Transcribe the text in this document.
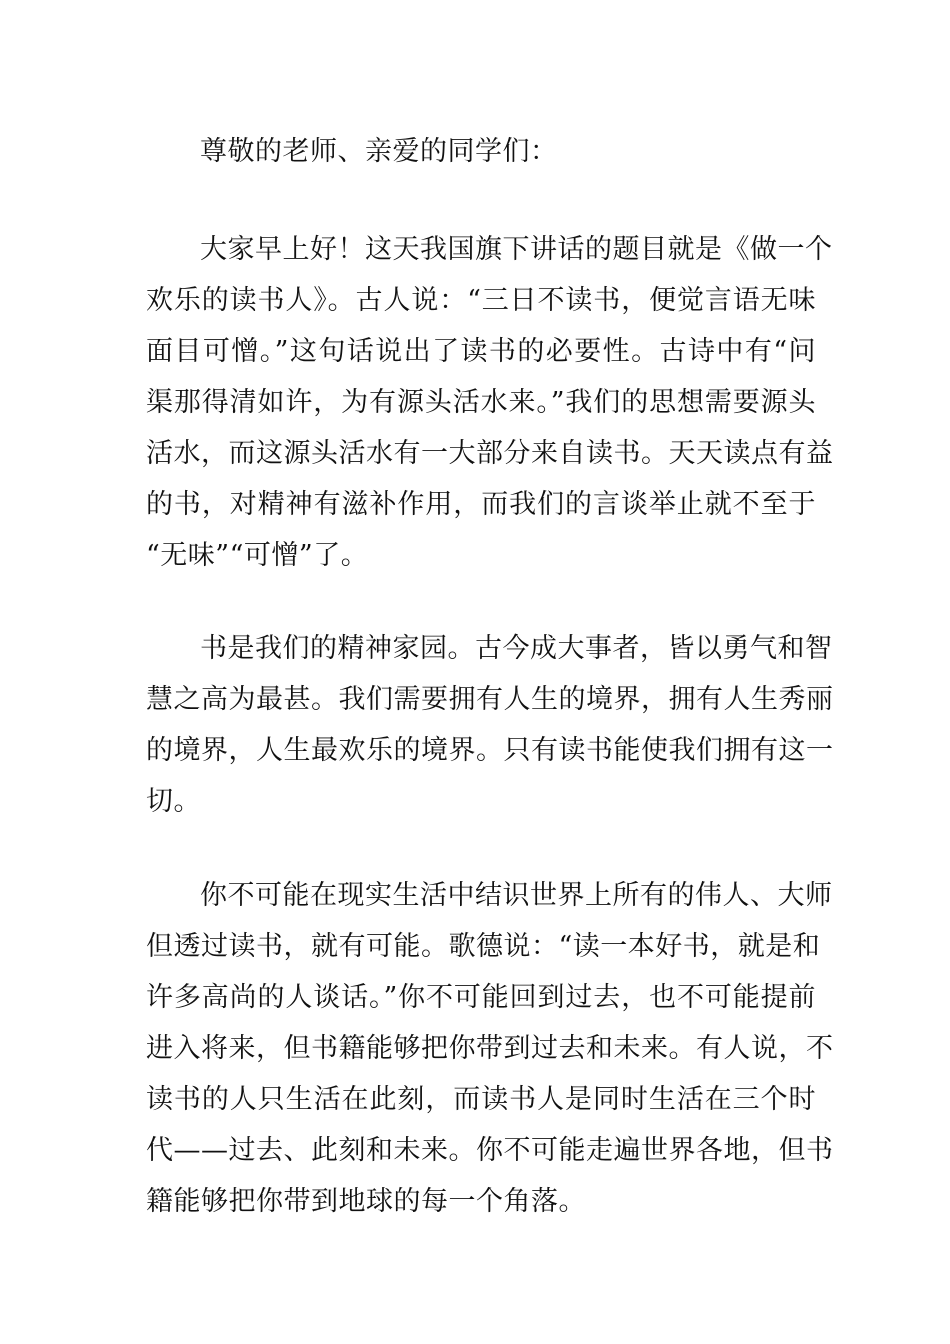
尊敬的老师、亲爱的同学们：
大家早上好！这天我国旗下讲话的题目就是《做一个
欢乐的读书人》。古人说：“三日不读书，便觉言语无味
面目可憎。”这句话说出了读书的必要性。古诗中有“问
渠那得清如许，为有源头活水来。”我们的思想需要源头
活水，而这源头活水有一大部分来自读书。天天读点有益
的书，对精神有滋补作用，而我们的言谈举止就不至于
“无味”“可憎”了。
书是我们的精神家园。古今成大事者，皆以勇气和智
慧之高为最甚。我们需要拥有人生的境界，拥有人生秀丽
的境界，人生最欢乐的境界。只有读书能使我们拥有这一
切。
你不可能在现实生活中结识世界上所有的伟人、大师
但透过读书，就有可能。歌德说：“读一本好书，就是和
许多高尚的人谈话。”你不可能回到过去，也不可能提前
进入将来，但书籍能够把你带到过去和未来。有人说，不
读书的人只生活在此刻，而读书人是同时生活在三个时
代——过去、此刻和未来。你不可能走遍世界各地，但书
籍能够把你带到地球的每一个角落。
